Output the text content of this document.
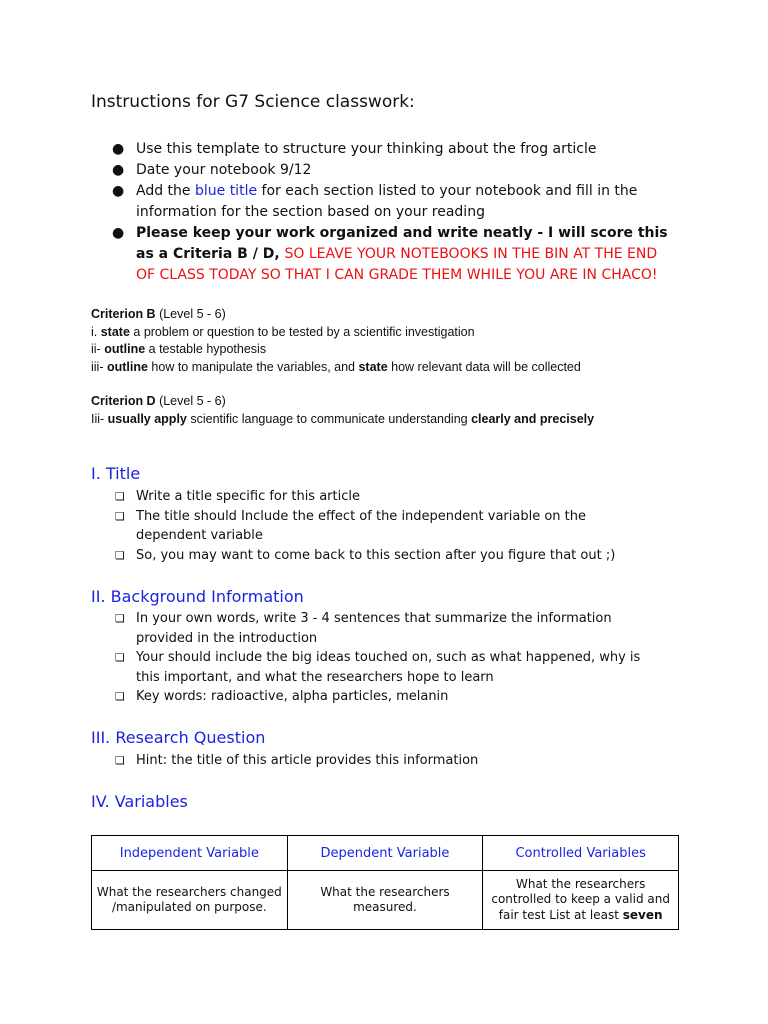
Instructions for G7 Science classwork:
● Use this template to structure your thinking about the frog article
● Date your notebook 9/12
● Add the blue title for each section listed to your notebook and fill in the information for the section based on your reading
● Please keep your work organized and write neatly - I will score this as a Criteria B / D, SO LEAVE YOUR NOTEBOOKS IN THE BIN AT THE END OF CLASS TODAY SO THAT I CAN GRADE THEM WHILE YOU ARE IN CHACO!
Criterion B (Level 5 - 6)
i. state a problem or question to be tested by a scientific investigation
ii- outline a testable hypothesis
iii- outline how to manipulate the variables, and state how relevant data will be collected
Criterion D (Level 5 - 6)
Iii- usually apply scientific language to communicate understanding clearly and precisely
I. Title
❏ Write a title specific for this article
❏ The title should Include the effect of the independent variable on the dependent variable
❏ So, you may want to come back to this section after you figure that out ;)
II. Background Information
❏ In your own words, write 3 - 4 sentences that summarize the information provided in the introduction
❏ Your should include the big ideas touched on, such as what happened, why is this important, and what the researchers hope to learn
❏ Key words: radioactive, alpha particles, melanin
III. Research Question
❏ Hint: the title of this article provides this information
IV. Variables
Independent Variable	Dependent Variable	Controlled Variables
What the researchers changed /manipulated on purpose.	What the researchers measured.	What the researchers controlled to keep a valid and fair test List at least seven
